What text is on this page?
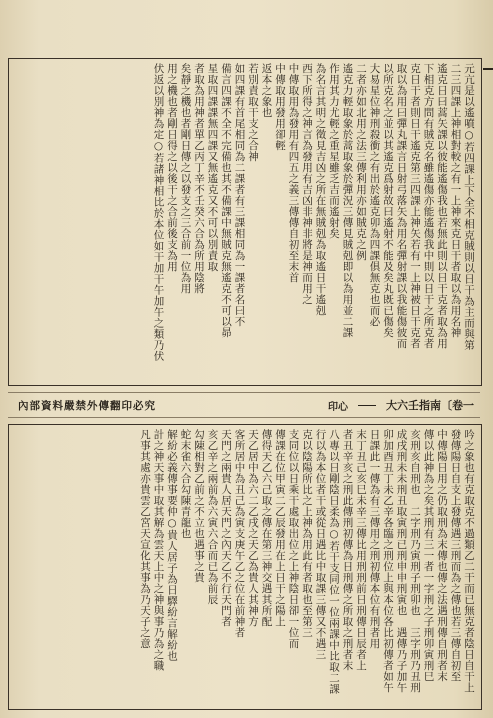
元亢是以遙噴○若四課上下全不相克賊則以日干為主而與第
二三四課上神相對較之有一上神來克日干者取以為用名神
遙克日曰蒿矢課以彼能遙傷我也若無此則以日干克者取為用
下相克方問有賊克名雖遙傷亦能遙傷我中則以日干之所克者
克日干者則日干遙克第三四課上神矢若有一上神被日干克者
取以為用曰彈丸課言日射弓落矢為用名彈射課以我能傷彼而
以所克名之並以其遙克爲射故曰遙射不能及矣丸既已傷矣
大易星位神刑殺衝之有出於遙克卯為四課俱無克也而必
二者亦如北用之法三傳利用亦如賊克之例
遙克力輕取象於蒿取象於彈況三傳見賊剋即以為用並二課
作用其力尤輕之重星雖乏吉而遙射矣
為名言其明之徵見吉凶之所在無賊剋為取遙日干遙剋
西下所得之神言為發用有吉凶非神非將是神而用之
中傳取用為發用有四五之義三傳傳自初至末首
中傳取用發用卻輕
返本之象也
若別責取干支之合神
如四課有首尾相同為二課者有三課相同為一課者名曰不
備言四課不全不完備也其不備課中無賊克無遙克不可以昴
星取四課課無四課又無遙克又不可以別責取
者取為用神者單乙丙丁辛不壬癸六合為所用陰將
矣靜之機也者剛日傳之以發支之三合前一位為用
用之機也者剛日得之以後干之合前後支為用
伏返以別神為定○若諸神相比於本位如干加干午加午之類乃伏
內部資料嚴禁外傳翻印必究	印心	大六壬指南〔卷一
吟之象也有克取克不過類乙二干而已無克者陰日自干上
發傳陽日自支上發傳遇三刑而為之傳也若三傳自初至
中傳陽日用之仍取刑為末傳也傳之法遇刑傳自刑者末
傳以此神為之矣其刑有三一者一字刑之子刑卯寅刑巳
亥刑亥自刑也　二字刑乃寅刑子刑卯也　三字刑乃丑刑
成戌刑未未刑丑取寅刑已刑申申刑寅也　遇傳乃子加午
卯加酉丑丁未乙辛各臨之刑位上與本位各比初傳者如午
日課此一傳為有三傳用之刑初傳本位有刑者用
末丁丑己亥巳未辛三傳比用刑刑前日刑傳日辰者上
者丑辛亥之刑此傳刑初傳為日刑傳之所取之刑者末
八專以日剛陰日柔為○若干支同位一位兩課中比取二課
行以為本位者干或從日遇比中取課三傳又不遇三
克以陰陽所比之上神為用此有者取也至第三
支同位以日乘干處取出位之上神陰日卻一位而
傳課在位甲寅二乙辰發用在上日干之陽上
傳得天乙六己取之傳在第三神交遇其所配
天乙居中為六二乙戌之天乙為貴人其神方
客所居中為丑己為寅支庚午乙之位在前神者
天門之兩貴人居天門之內天乙不行天門者
亥乙辛之兩前為六寅六合而已為前辰
勾陳相對乙前之不立也遇事之貴
蛇末雀六合勾陳青龍也
解紛必義傳事要仲○貴人居子為日驛紛言解紛也
計之神天事中取其解為雲天上中之神與事乃為之職
凡事其處亦貴雲乙宮天宣化其事為乃天子之意
